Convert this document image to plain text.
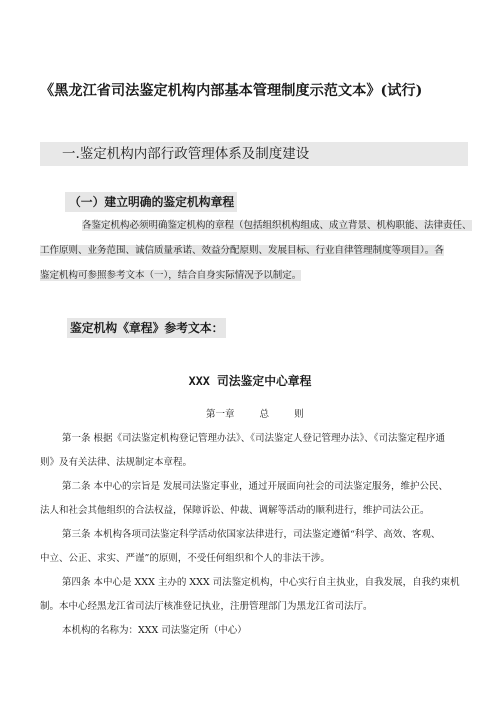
《黑龙江省司法鉴定机构内部基本管理制度示范文本》(试行)
一.鉴定机构内部行政管理体系及制度建设
（一）建立明确的鉴定机构章程
各鉴定机构必须明确鉴定机构的章程（包括组织机构组成、成立背景、机构职能、法律责任、
工作原则、业务范围、诚信质量承诺、效益分配原则、发展目标、行业自律管理制度等项目）。各
鉴定机构可参照参考文本（一），结合自身实际情况予以制定。
鉴定机构《章程》参考文本：
XXX 司法鉴定中心章程
第一章	总	则
第一条 根据《司法鉴定机构登记管理办法》、《司法鉴定人登记管理办法》、《司法鉴定程序通
则》及有关法律、法规制定本章程。
第二条 本中心的宗旨是 发展司法鉴定事业，通过开展面向社会的司法鉴定服务，维护公民、
法人和社会其他组织的合法权益，保障诉讼、仲裁、调解等活动的顺利进行，维护司法公正。
第三条 本机构各项司法鉴定科学活动依国家法律进行，司法鉴定遵循“科学、高效、客观、
中立、公正、求实、严谨”的原则，不受任何组织和个人的非法干涉。
第四条 本中心是 XXX 主办的 XXX 司法鉴定机构，中心实行自主执业，自我发展，自我约束机
制。本中心经黑龙江省司法厅核准登记执业，注册管理部门为黑龙江省司法厅。
本机构的名称为：XXX 司法鉴定所（中心）
